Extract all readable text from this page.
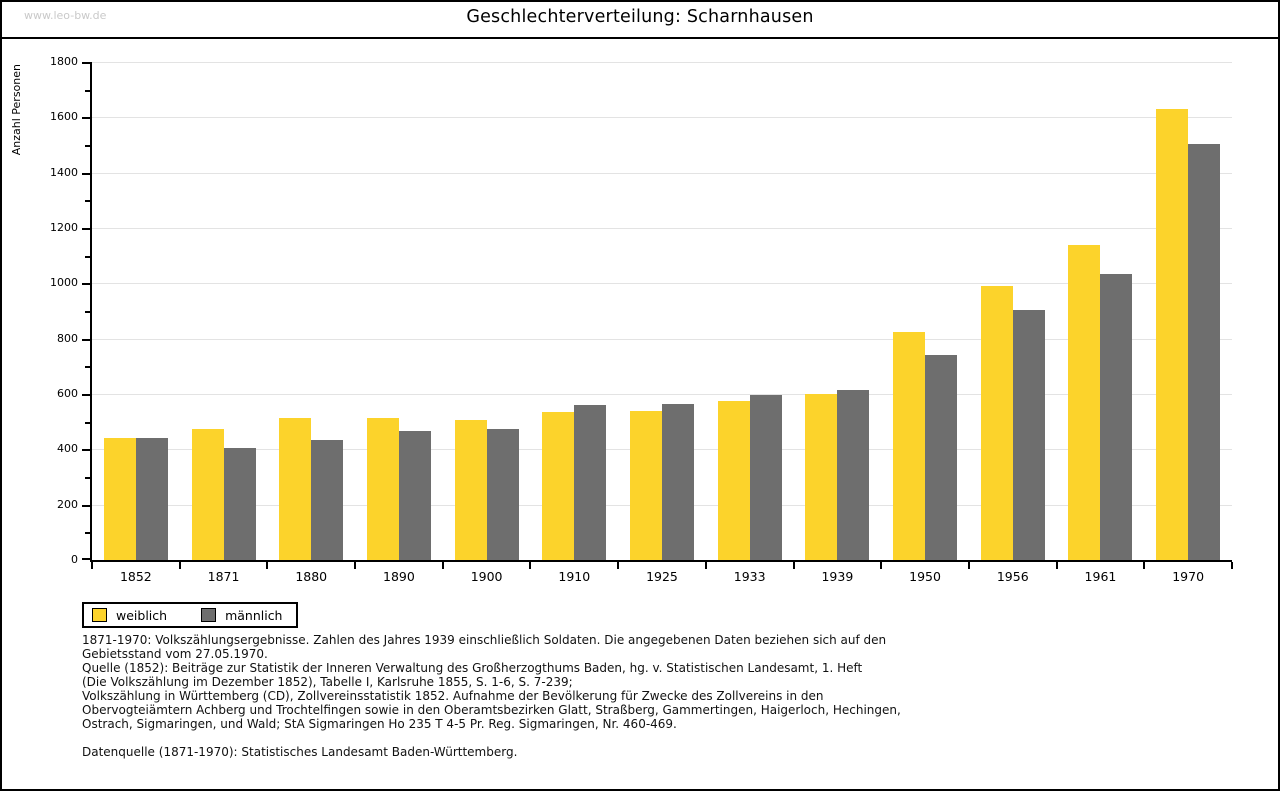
www.leo-bw.de	Geschlechterverteilung: Scharnhausen
Anzahl Personen
0
200
400
600
800
1000
1200
1400
1600
1800
1852	1871	1880	1890	1900	1910	1925	1933	1939	1950	1956	1961	1970
weiblich	männlich
1871-1970: Volkszählungsergebnisse. Zahlen des Jahres 1939 einschließlich Soldaten. Die angegebenen Daten beziehen sich auf den
Gebietsstand vom 27.05.1970.
Quelle (1852): Beiträge zur Statistik der Inneren Verwaltung des Großherzogthums Baden, hg. v. Statistischen Landesamt, 1. Heft
(Die Volkszählung im Dezember 1852), Tabelle I, Karlsruhe 1855, S. 1-6, S. 7-239;
Volkszählung in Württemberg (CD), Zollvereinsstatistik 1852. Aufnahme der Bevölkerung für Zwecke des Zollvereins in den
Obervogteiämtern Achberg und Trochtelfingen sowie in den Oberamtsbezirken Glatt, Straßberg, Gammertingen, Haigerloch, Hechingen,
Ostrach, Sigmaringen, und Wald; StA Sigmaringen Ho 235 T 4-5 Pr. Reg. Sigmaringen, Nr. 460-469.
Datenquelle (1871-1970): Statistisches Landesamt Baden-Württemberg.
